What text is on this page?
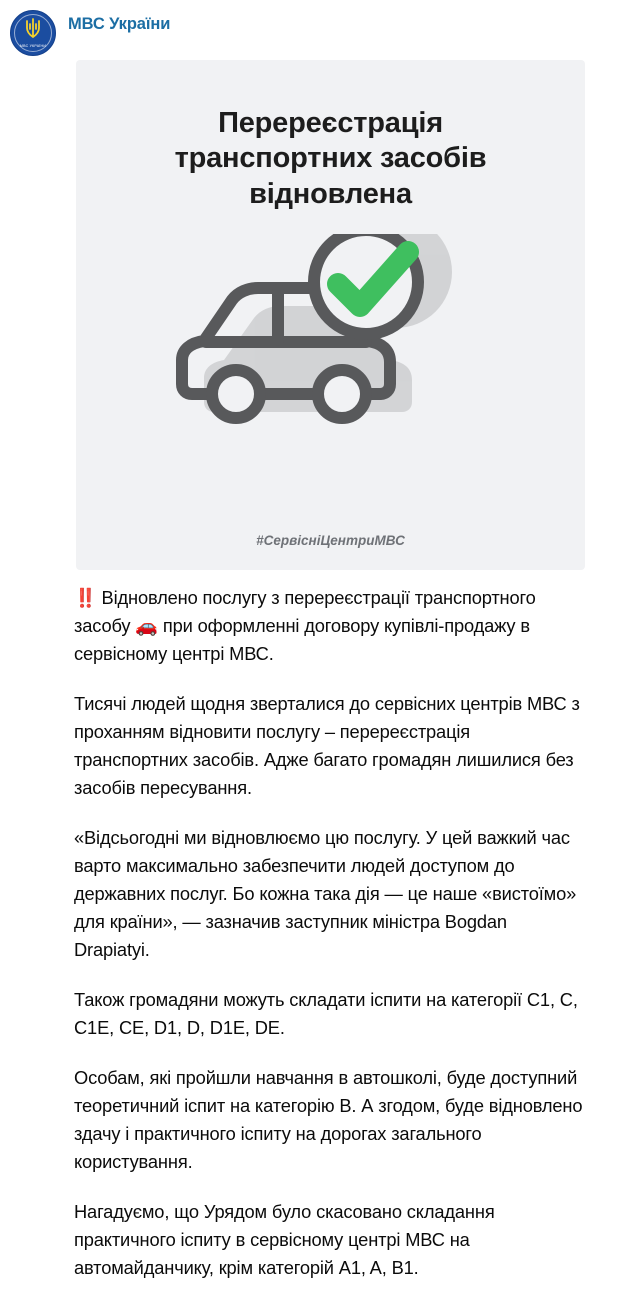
МВС УКРАЇНИ
МВС України
Перереєстрація транспортних засобів відновлена
#СервісніЦентриМВС

‼️ Відновлено послугу з перереєстрації транспортного засобу 🚗 при оформленні договору купівлі-продажу в сервісному центрі МВС.

Тисячі людей щодня зверталися до сервісних центрів МВС з проханням відновити послугу – перереєстрація транспортних засобів. Адже багато громадян лишилися без засобів пересування.

«Відсьогодні ми відновлюємо цю послугу. У цей важкий час варто максимально забезпечити людей доступом до державних послуг. Бо кожна така дія — це наше «вистоїмо» для країни», — зазначив заступник міністра Bogdan Drapiatyi.

Також громадяни можуть складати іспити на категорії C1, C, C1E, CE, D1, D, D1E, DE.

Особам, які пройшли навчання в автошколі, буде доступний теоретичний іспит на категорію B. А згодом, буде відновлено здачу і практичного іспиту на дорогах загального користування.

Нагадуємо, що Урядом було скасовано складання практичного іспиту в сервісному центрі МВС на автомайданчику, крім категорій A1, A, B1.
